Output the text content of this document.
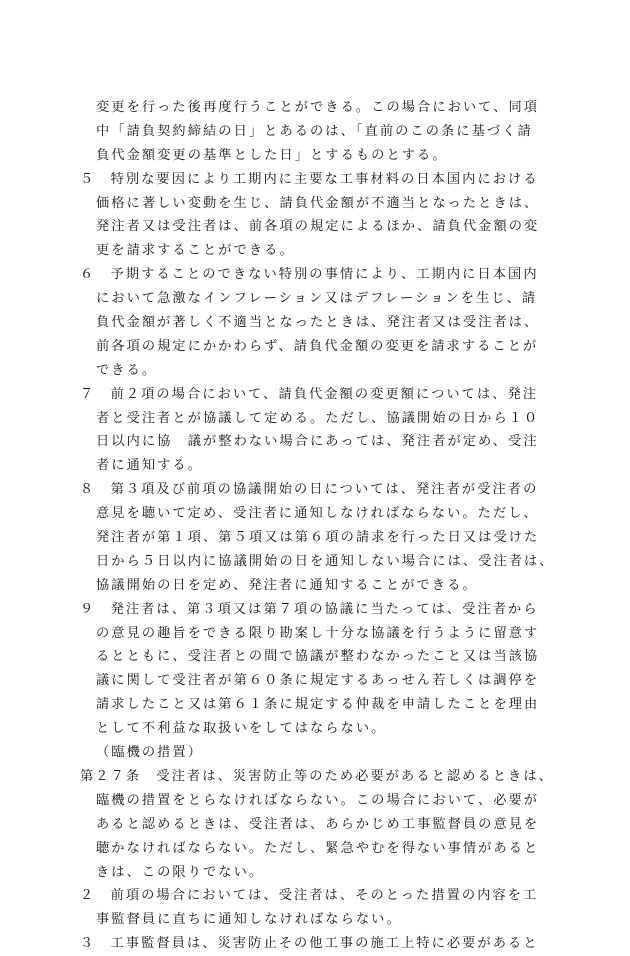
変更を行った後再度行うことができる。この場合において、同項
中「請負契約締結の日」とあるのは、「直前のこの条に基づく請
負代金額変更の基準とした日」とするものとする。
５　特別な要因により工期内に主要な工事材料の日本国内における
価格に著しい変動を生じ、請負代金額が不適当となったときは、
発注者又は受注者は、前各項の規定によるほか、請負代金額の変
更を請求することができる。
６　予期することのできない特別の事情により、工期内に日本国内
において急激なインフレーション又はデフレーションを生じ、請
負代金額が著しく不適当となったときは、発注者又は受注者は、
前各項の規定にかかわらず、請負代金額の変更を請求することが
できる。
７　前２項の場合において、請負代金額の変更額については、発注
者と受注者とが協議して定める。ただし、協議開始の日から１０
日以内に協　議が整わない場合にあっては、発注者が定め、受注
者に通知する。
８　第３項及び前項の協議開始の日については、発注者が受注者の
意見を聴いて定め、受注者に通知しなければならない。ただし、
発注者が第１項、第５項又は第６項の請求を行った日又は受けた
日から５日以内に協議開始の日を通知しない場合には、受注者は、
協議開始の日を定め、発注者に通知することができる。
９　発注者は、第３項又は第７項の協議に当たっては、受注者から
の意見の趣旨をできる限り勘案し十分な協議を行うように留意す
るとともに、受注者との間で協議が整わなかったこと又は当該協
議に関して受注者が第６０条に規定するあっせん若しくは調停を
請求したこと又は第６１条に規定する仲裁を申請したことを理由
として不利益な取扱いをしてはならない。
（臨機の措置）
第２７条　受注者は、災害防止等のため必要があると認めるときは、
臨機の措置をとらなければならない。この場合において、必要が
あると認めるときは、受注者は、あらかじめ工事監督員の意見を
聴かなければならない。ただし、緊急やむを得ない事情があると
きは、この限りでない。
２　前項の場合においては、受注者は、そのとった措置の内容を工
事監督員に直ちに通知しなければならない。
３　工事監督員は、災害防止その他工事の施工上特に必要があると
